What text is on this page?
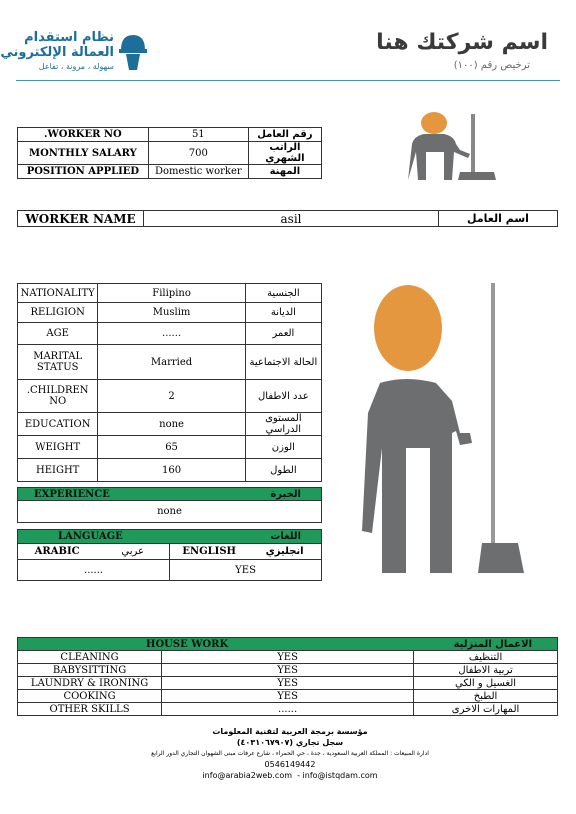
نظام استقدام
العمالة الإلكتروني
سهولة ، مرونة ، تفاعل
اسم شركتك هنا
ترخيص رقم (١٠٠)
.WORKER NO	51	رقم العامل
MONTHLY SALARY	700	الراتب الشهري
POSITION APPLIED	Domestic worker	المهنة
WORKER NAME	asil	اسم العامل
NATIONALITY	Filipino	الجنسية
RELIGION	Muslim	الديانة
AGE	......	العمر
MARITAL STATUS	Married	الحالة الاجتماعية
.CHILDREN NO	2	عدد الاطفال
EDUCATION	none	المستوى الدراسي
WEIGHT	65	الوزن
HEIGHT	160	الطول
EXPERIENCE	الخبرة
none
LANGUAGE		اللغات	
ARABIC	عربي	ENGLISH	انجليزي
......		YES	
HOUSE WORK		الاعمال المنزلية
CLEANING	YES	التنظيف
BABYSITTING	YES	تربية الاطفال
LAUNDRY & IRONING	YES	الغسيل و الكي
COOKING	YES	الطبخ
OTHER SKILLS	......	المهارات الاخرى
مؤسسة برمجة العربية لتقنية المعلومات
سجل تجاري (٤٠٣١٠٦٧٩٠٧)
ادارة المبيعات : المملكة العربية السعودية ، جدة ، حي الحمراء ، شارع عرفات مبنى الشهوان التجاري الدور الرابع
0546149442
info@arabia2web.com  - info@istqdam.com
